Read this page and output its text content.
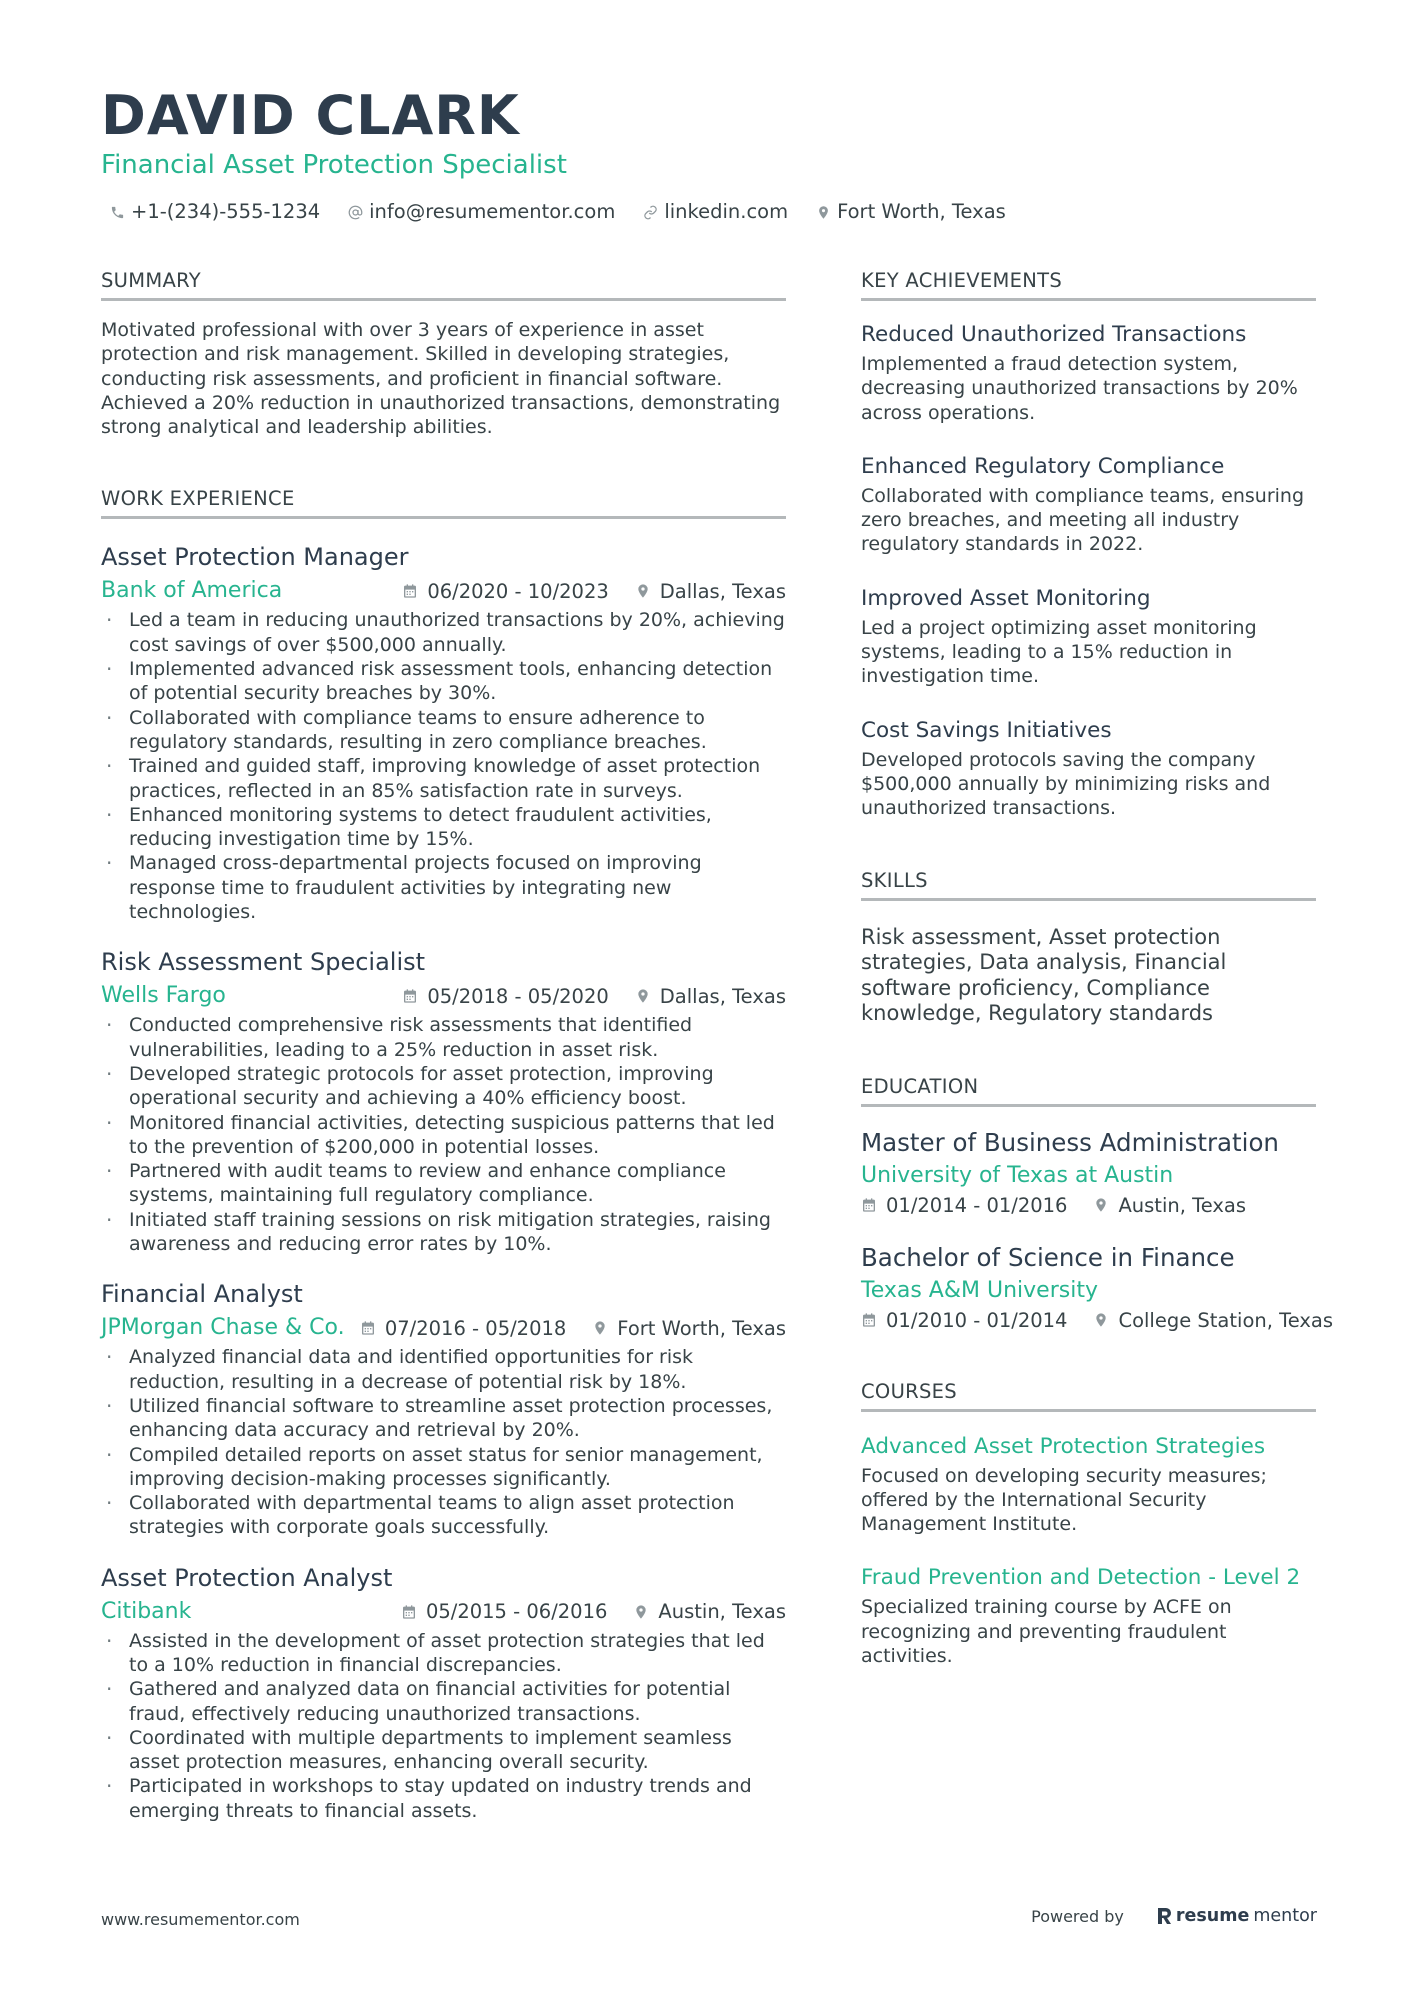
DAVID CLARK
Financial Asset Protection Specialist
+1-(234)-555-1234	info@resumementor.com	linkedin.com	Fort Worth, Texas
SUMMARY
Motivated professional with over 3 years of experience in asset protection and risk management. Skilled in developing strategies, conducting risk assessments, and proficient in financial software. Achieved a 20% reduction in unauthorized transactions, demonstrating strong analytical and leadership abilities.
WORK EXPERIENCE
Asset Protection Manager
Bank of America	06/2020 - 10/2023	Dallas, Texas
· Led a team in reducing unauthorized transactions by 20%, achieving cost savings of over $500,000 annually.
· Implemented advanced risk assessment tools, enhancing detection of potential security breaches by 30%.
· Collaborated with compliance teams to ensure adherence to regulatory standards, resulting in zero compliance breaches.
· Trained and guided staff, improving knowledge of asset protection practices, reflected in an 85% satisfaction rate in surveys.
· Enhanced monitoring systems to detect fraudulent activities, reducing investigation time by 15%.
· Managed cross-departmental projects focused on improving response time to fraudulent activities by integrating new technologies.
Risk Assessment Specialist
Wells Fargo	05/2018 - 05/2020	Dallas, Texas
· Conducted comprehensive risk assessments that identified vulnerabilities, leading to a 25% reduction in asset risk.
· Developed strategic protocols for asset protection, improving operational security and achieving a 40% efficiency boost.
· Monitored financial activities, detecting suspicious patterns that led to the prevention of $200,000 in potential losses.
· Partnered with audit teams to review and enhance compliance systems, maintaining full regulatory compliance.
· Initiated staff training sessions on risk mitigation strategies, raising awareness and reducing error rates by 10%.
Financial Analyst
JPMorgan Chase & Co. 07/2016 - 05/2018	Fort Worth, Texas
· Analyzed financial data and identified opportunities for risk reduction, resulting in a decrease of potential risk by 18%.
· Utilized financial software to streamline asset protection processes, enhancing data accuracy and retrieval by 20%.
· Compiled detailed reports on asset status for senior management, improving decision-making processes significantly.
· Collaborated with departmental teams to align asset protection strategies with corporate goals successfully.
Asset Protection Analyst
Citibank	05/2015 - 06/2016	Austin, Texas
· Assisted in the development of asset protection strategies that led to a 10% reduction in financial discrepancies.
· Gathered and analyzed data on financial activities for potential fraud, effectively reducing unauthorized transactions.
· Coordinated with multiple departments to implement seamless asset protection measures, enhancing overall security.
· Participated in workshops to stay updated on industry trends and emerging threats to financial assets.
KEY ACHIEVEMENTS
Reduced Unauthorized Transactions
Implemented a fraud detection system, decreasing unauthorized transactions by 20% across operations.
Enhanced Regulatory Compliance
Collaborated with compliance teams, ensuring zero breaches, and meeting all industry regulatory standards in 2022.
Improved Asset Monitoring
Led a project optimizing asset monitoring systems, leading to a 15% reduction in investigation time.
Cost Savings Initiatives
Developed protocols saving the company $500,000 annually by minimizing risks and unauthorized transactions.
SKILLS
Risk assessment, Asset protection strategies, Data analysis, Financial software proficiency, Compliance knowledge, Regulatory standards
EDUCATION
Master of Business Administration
University of Texas at Austin
01/2014 - 01/2016	Austin, Texas
Bachelor of Science in Finance
Texas A&M University
01/2010 - 01/2014	College Station, Texas
COURSES
Advanced Asset Protection Strategies
Focused on developing security measures; offered by the International Security Management Institute.
Fraud Prevention and Detection - Level 2
Specialized training course by ACFE on recognizing and preventing fraudulent activities.
www.resumementor.com	Powered by	resume mentor
